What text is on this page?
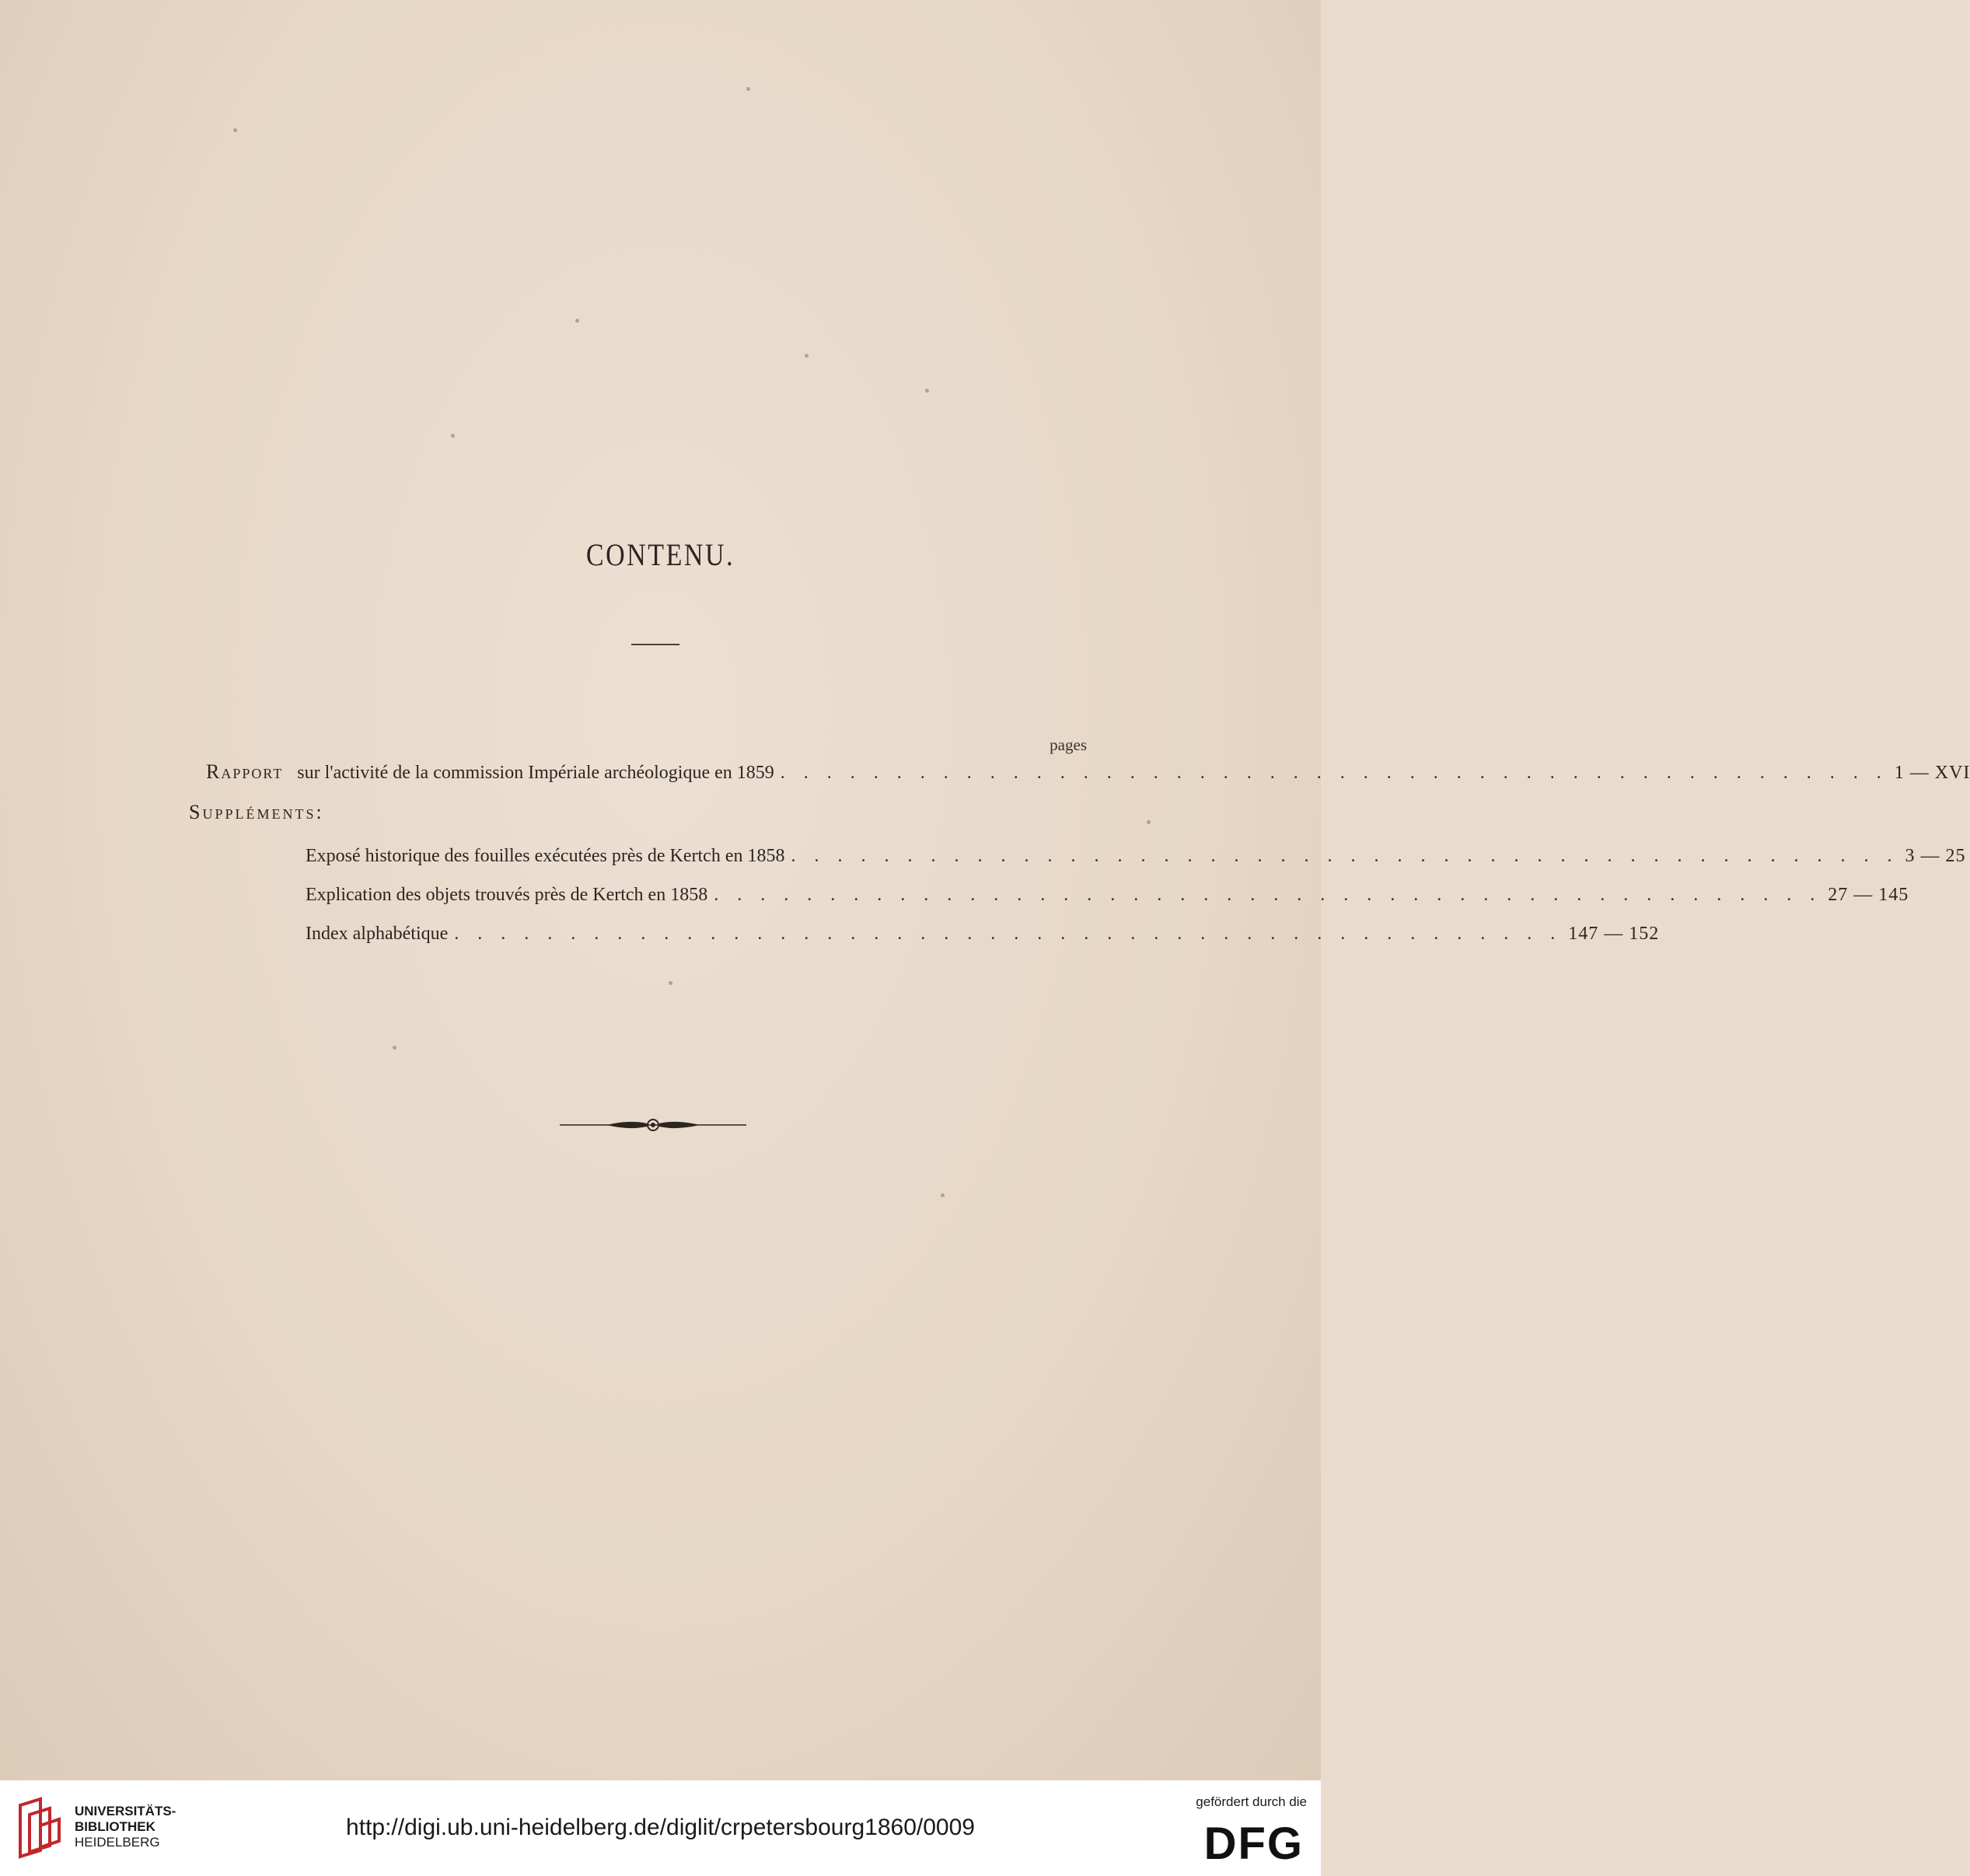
CONTENU.
pages
Rapport sur l'activité de la commission Impériale archéologique en 1859 . . . . . . . . . . . . . . . . . . . . . . . . . . . . . . . . . . . . . . . . . . . . . . . . 1 — XVI
Suppléments:
Exposé historique des fouilles exécutées près de Kertch en 1858 . . . . . . . . . . . . . . . . . . . . . . . . . . . . . . . . . . . . . . . . . . . . . . . . 3 — 25
Explication des objets trouvés près de Kertch en 1858 . . . . . . . . . . . . . . . . . . . . . . . . . . . . . . . . . . . . . . . . . . . . . . . . 27 — 145
Index alphabétique . . . . . . . . . . . . . . . . . . . . . . . . . . . . . . . . . . . . . . . . . . . . . . . . 147 — 152
UNIVERSITÄTS-
BIBLIOTHEK
HEIDELBERG
http://digi.ub.uni-heidelberg.de/diglit/crpetersbourg1860/0009
gefördert durch die
DFG
